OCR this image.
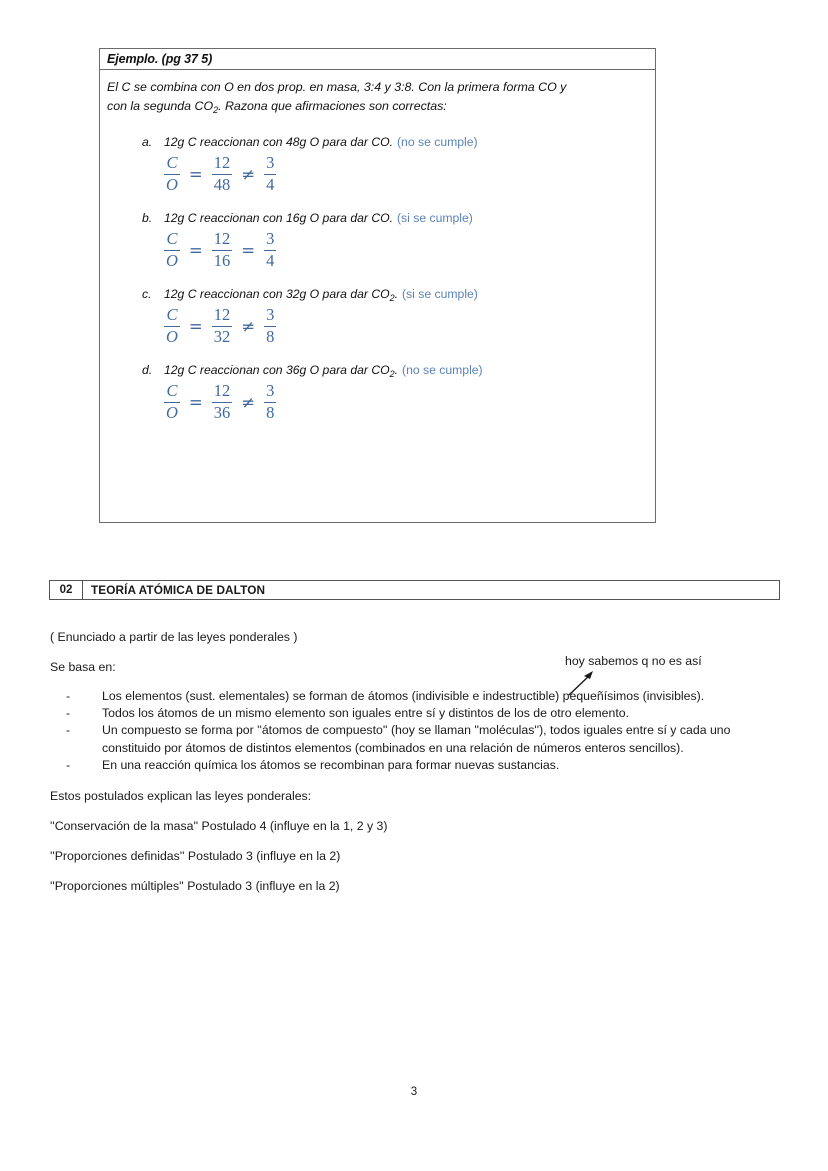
Ejemplo. (pg 37 5)
El C se combina con O en dos prop. en masa, 3:4 y 3:8. Con la primera forma CO y
con la segunda $CO_2$. Razona que afirmaciones son correctas:
a. 12g C reaccionan con 48g O para dar CO. (no se cumple)
$\frac{C}{O} = \frac{12}{48} \ne \frac{3}{4}$
b. 12g C reaccionan con 16g O para dar CO. (si se cumple)
$\frac{C}{O} = \frac{12}{16} = \frac{3}{4}$
c.	12g C reaccionan con 32g O para dar $CO_2$. (si se cumple)
$\frac{C}{O} = \frac{12}{32} \ne \frac{3}{8}$
d. 12g C reaccionan con 36g O para dar $CO_2$. (no se cumple)
$\frac{C}{O} = \frac{12}{36} \ne \frac{3}{8}$
02	TEORÍA ATÓMICA DE DALTON

( Enunciado a partir de las leyes ponderales )

Se basa en:

-	Los elementos (sust. elementales) se forman de átomos (indivisible e indestructible) pequeñísimos (invisibles).
-	Todos los átomos de un mismo elemento son iguales entre sí y distintos de los de otro elemento.
-	Un compuesto se forma por ''átomos de compuesto'' (hoy se llaman ''moléculas''), todos iguales entre sí y cada uno constituido por átomos de distintos elementos (combinados en una relación de números enteros sencillos).
-	En una reacción química los átomos se recombinan para formar nuevas sustancias.

Estos postulados explican las leyes ponderales:

''Conservación de la masa'' Postulado 4 (influye en la 1, 2 y 3)

''Proporciones definidas'' Postulado 3 (influye en la 2)

''Proporciones múltiples'' Postulado 3 (influye en la 2)

hoy sabemos q no es así
3
